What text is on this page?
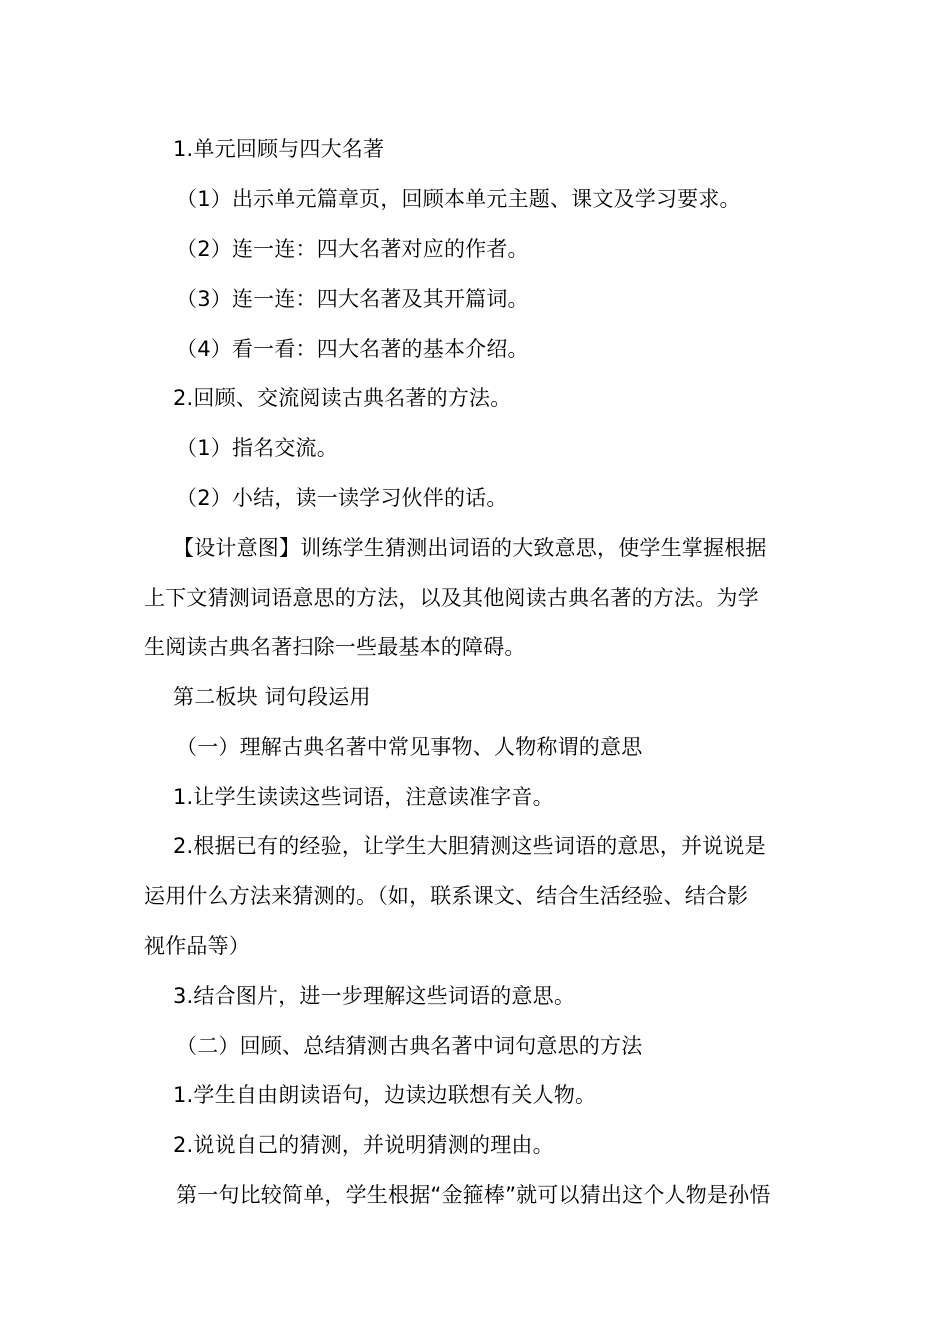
1.单元回顾与四大名著
（1）出示单元篇章页，回顾本单元主题、课文及学习要求。
（2）连一连：四大名著对应的作者。
（3）连一连：四大名著及其开篇词。
（4）看一看：四大名著的基本介绍。
2.回顾、交流阅读古典名著的方法。
（1）指名交流。
（2）小结，读一读学习伙伴的话。
【设计意图】训练学生猜测出词语的大致意思，使学生掌握根据
上下文猜测词语意思的方法，以及其他阅读古典名著的方法。为学
生阅读古典名著扫除一些最基本的障碍。
第二板块 词句段运用
（一）理解古典名著中常见事物、人物称谓的意思
1.让学生读读这些词语，注意读准字音。
2.根据已有的经验，让学生大胆猜测这些词语的意思，并说说是
运用什么方法来猜测的。（如，联系课文、结合生活经验、结合影
视作品等）
3.结合图片，进一步理解这些词语的意思。
（二）回顾、总结猜测古典名著中词句意思的方法
1.学生自由朗读语句，边读边联想有关人物。
2.说说自己的猜测，并说明猜测的理由。
第一句比较简单，学生根据“金箍棒”就可以猜出这个人物是孙悟
